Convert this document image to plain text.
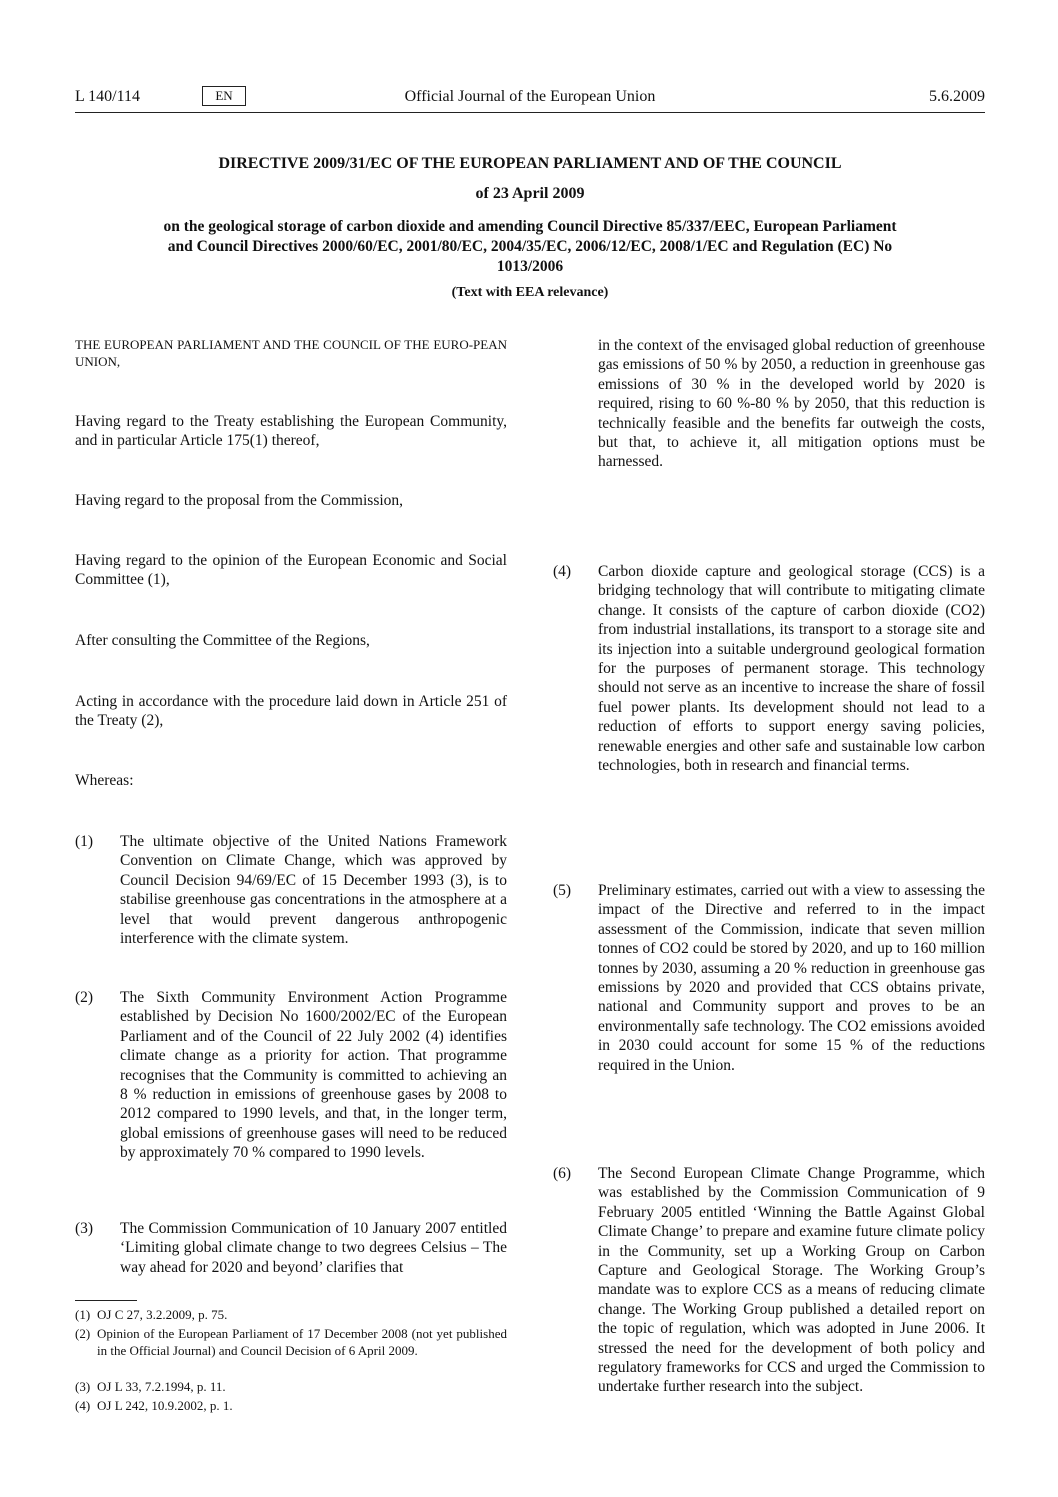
L 140/114	EN	Official Journal of the European Union	5.6.2009
DIRECTIVE 2009/31/EC OF THE EUROPEAN PARLIAMENT AND OF THE COUNCIL
of 23 April 2009
on the geological storage of carbon dioxide and amending Council Directive 85/337/EEC, European Parliament and Council Directives 2000/60/EC, 2001/80/EC, 2004/35/EC, 2006/12/EC, 2008/1/EC and Regulation (EC) No 1013/2006
(Text with EEA relevance)
THE EUROPEAN PARLIAMENT AND THE COUNCIL OF THE EURO-PEAN UNION,
Having regard to the Treaty establishing the European Community, and in particular Article 175(1) thereof,
Having regard to the proposal from the Commission,
Having regard to the opinion of the European Economic and Social Committee (1),
After consulting the Committee of the Regions,
Acting in accordance with the procedure laid down in Article 251 of the Treaty (2),
Whereas:
(1) The ultimate objective of the United Nations Framework Convention on Climate Change, which was approved by Council Decision 94/69/EC of 15 December 1993 (3), is to stabilise greenhouse gas concentrations in the atmosphere at a level that would prevent dangerous anthropogenic interference with the climate system.
(2) The Sixth Community Environment Action Programme established by Decision No 1600/2002/EC of the European Parliament and of the Council of 22 July 2002 (4) identifies climate change as a priority for action. That programme recognises that the Community is committed to achieving an 8 % reduction in emissions of greenhouse gases by 2008 to 2012 compared to 1990 levels, and that, in the longer term, global emissions of greenhouse gases will need to be reduced by approximately 70 % compared to 1990 levels.
(3) The Commission Communication of 10 January 2007 entitled ‘Limiting global climate change to two degrees Celsius – The way ahead for 2020 and beyond’ clarifies that
(1) OJ C 27, 3.2.2009, p. 75.
(2) Opinion of the European Parliament of 17 December 2008 (not yet published in the Official Journal) and Council Decision of 6 April 2009.
(3) OJ L 33, 7.2.1994, p. 11.
(4) OJ L 242, 10.9.2002, p. 1.
in the context of the envisaged global reduction of greenhouse gas emissions of 50 % by 2050, a reduction in greenhouse gas emissions of 30 % in the developed world by 2020 is required, rising to 60 %-80 % by 2050, that this reduction is technically feasible and the benefits far outweigh the costs, but that, to achieve it, all mitigation options must be harnessed.
(4) Carbon dioxide capture and geological storage (CCS) is a bridging technology that will contribute to mitigating climate change. It consists of the capture of carbon dioxide (CO2) from industrial installations, its transport to a storage site and its injection into a suitable underground geological formation for the purposes of permanent storage. This technology should not serve as an incentive to increase the share of fossil fuel power plants. Its development should not lead to a reduction of efforts to support energy saving policies, renewable energies and other safe and sustainable low carbon technologies, both in research and financial terms.
(5) Preliminary estimates, carried out with a view to assessing the impact of the Directive and referred to in the impact assessment of the Commission, indicate that seven million tonnes of CO2 could be stored by 2020, and up to 160 million tonnes by 2030, assuming a 20 % reduction in greenhouse gas emissions by 2020 and provided that CCS obtains private, national and Community support and proves to be an environmentally safe technology. The CO2 emissions avoided in 2030 could account for some 15 % of the reductions required in the Union.
(6) The Second European Climate Change Programme, which was established by the Commission Communication of 9 February 2005 entitled ‘Winning the Battle Against Global Climate Change’ to prepare and examine future climate policy in the Community, set up a Working Group on Carbon Capture and Geological Storage. The Working Group’s mandate was to explore CCS as a means of reducing climate change. The Working Group published a detailed report on the topic of regulation, which was adopted in June 2006. It stressed the need for the development of both policy and regulatory frameworks for CCS and urged the Commission to undertake further research into the subject.
